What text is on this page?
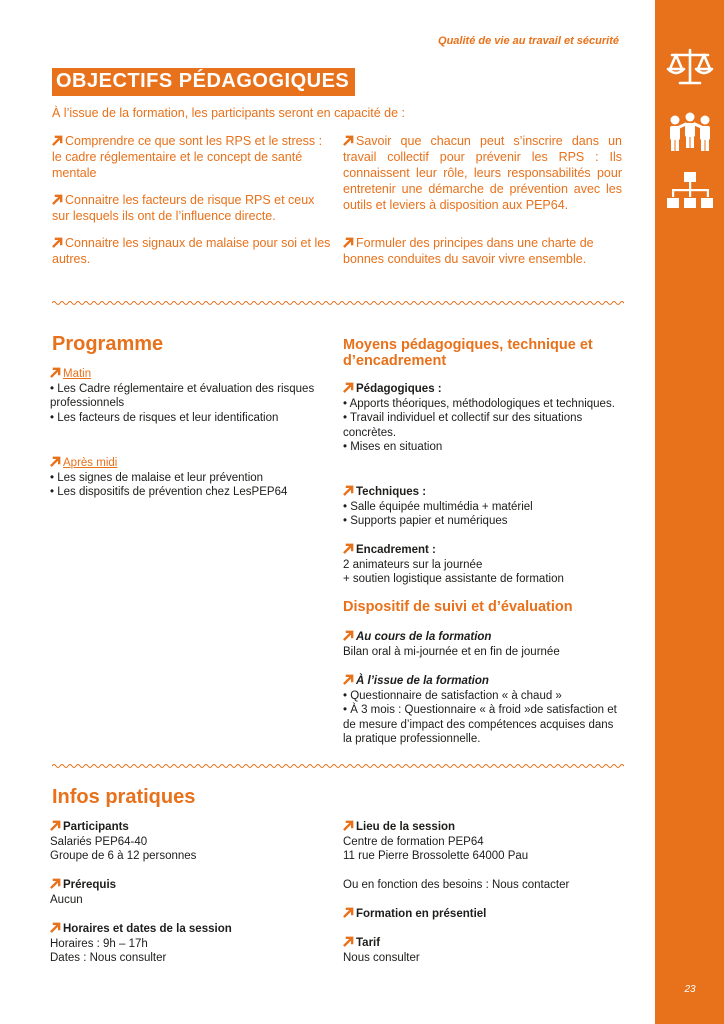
23
Qualité de vie au travail et sécurité
OBJECTIFS PÉDAGOGIQUES
À l’issue de la formation, les participants seront en capacité de :
Comprendre ce que sont les RPS et le stress : le cadre réglementaire et le concept de santé mentale
Connaitre les facteurs de risque RPS et ceux sur lesquels ils ont de l’influence directe.
Connaitre les signaux de malaise pour soi et les autres.
Savoir que chacun peut s’inscrire dans un travail collectif pour prévenir les RPS : Ils connaissent leur rôle, leurs responsabilités pour entretenir une démarche de prévention avec les outils et leviers à disposition aux PEP64.
Formuler des principes dans une charte de bonnes conduites du savoir vivre ensemble.
Programme
Matin
• Les Cadre réglementaire et évaluation des risques professionnels
• Les facteurs de risques et leur identification
Après midi
• Les signes de malaise et leur prévention
• Les dispositifs de prévention chez LesPEP64
Moyens pédagogiques, technique et d’encadrement
Pédagogiques :
• Apports théoriques, méthodologiques et techniques.
• Travail individuel et collectif sur des situations concrètes.
• Mises en situation
Techniques :
• Salle équipée multimédia + matériel
• Supports papier et numériques
Encadrement :
2 animateurs sur la journée
+ soutien logistique assistante de formation
Dispositif de suivi et d’évaluation
Au cours de la formation
Bilan oral à mi-journée et en fin de journée
À l’issue de la formation
• Questionnaire de satisfaction « à chaud »
• À 3 mois : Questionnaire « à froid »de satisfaction et de mesure d’impact des compétences acquises dans la pratique professionnelle.
Infos pratiques
Participants
Salariés PEP64-40
Groupe de 6 à 12 personnes
Prérequis
Aucun
Horaires et dates de la session
Horaires : 9h – 17h
Dates : Nous consulter
Lieu de la session
Centre de formation PEP64
11 rue Pierre Brossolette 64000 Pau
Ou en fonction des besoins : Nous contacter
Formation en présentiel
Tarif
Nous consulter
